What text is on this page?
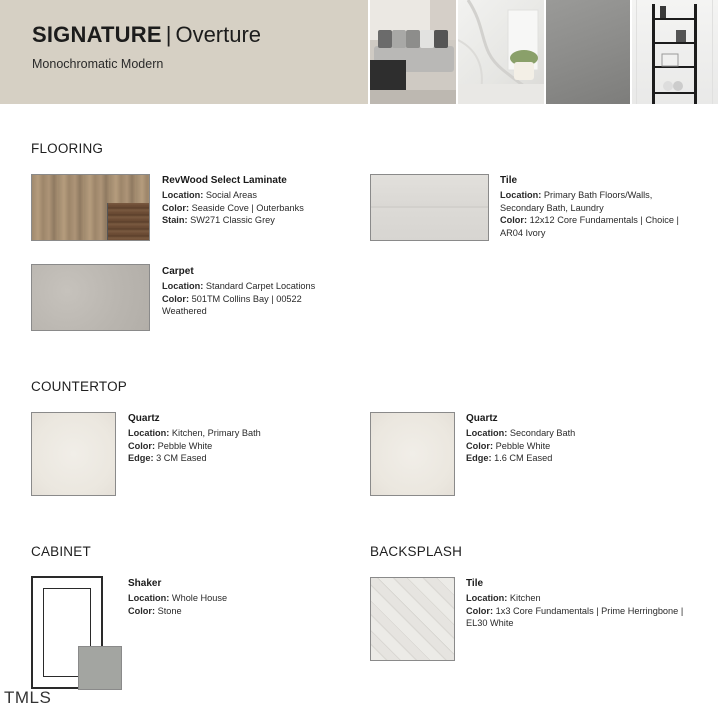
SIGNATURE | Overture
Monochromatic Modern
FLOORING
RevWood Select Laminate
Location: Social Areas
Color: Seaside Cove | Outerbanks
Stain: SW271 Classic Grey
Tile
Location: Primary Bath Floors/Walls,
Secondary Bath, Laundry
Color: 12x12 Core Fundamentals | Choice |
AR04 Ivory
Carpet
Location: Standard Carpet Locations
Color: 501TM Collins Bay | 00522
Weathered
COUNTERTOP
Quartz
Location: Kitchen, Primary Bath
Color: Pebble White
Edge: 3 CM Eased
Quartz
Location: Secondary Bath
Color: Pebble White
Edge: 1.6 CM Eased
CABINET
Shaker
Location: Whole House
Color: Stone
BACKSPLASH
Tile
Location: Kitchen
Color: 1x3 Core Fundamentals | Prime Herringbone |
EL30 White
TMLS
